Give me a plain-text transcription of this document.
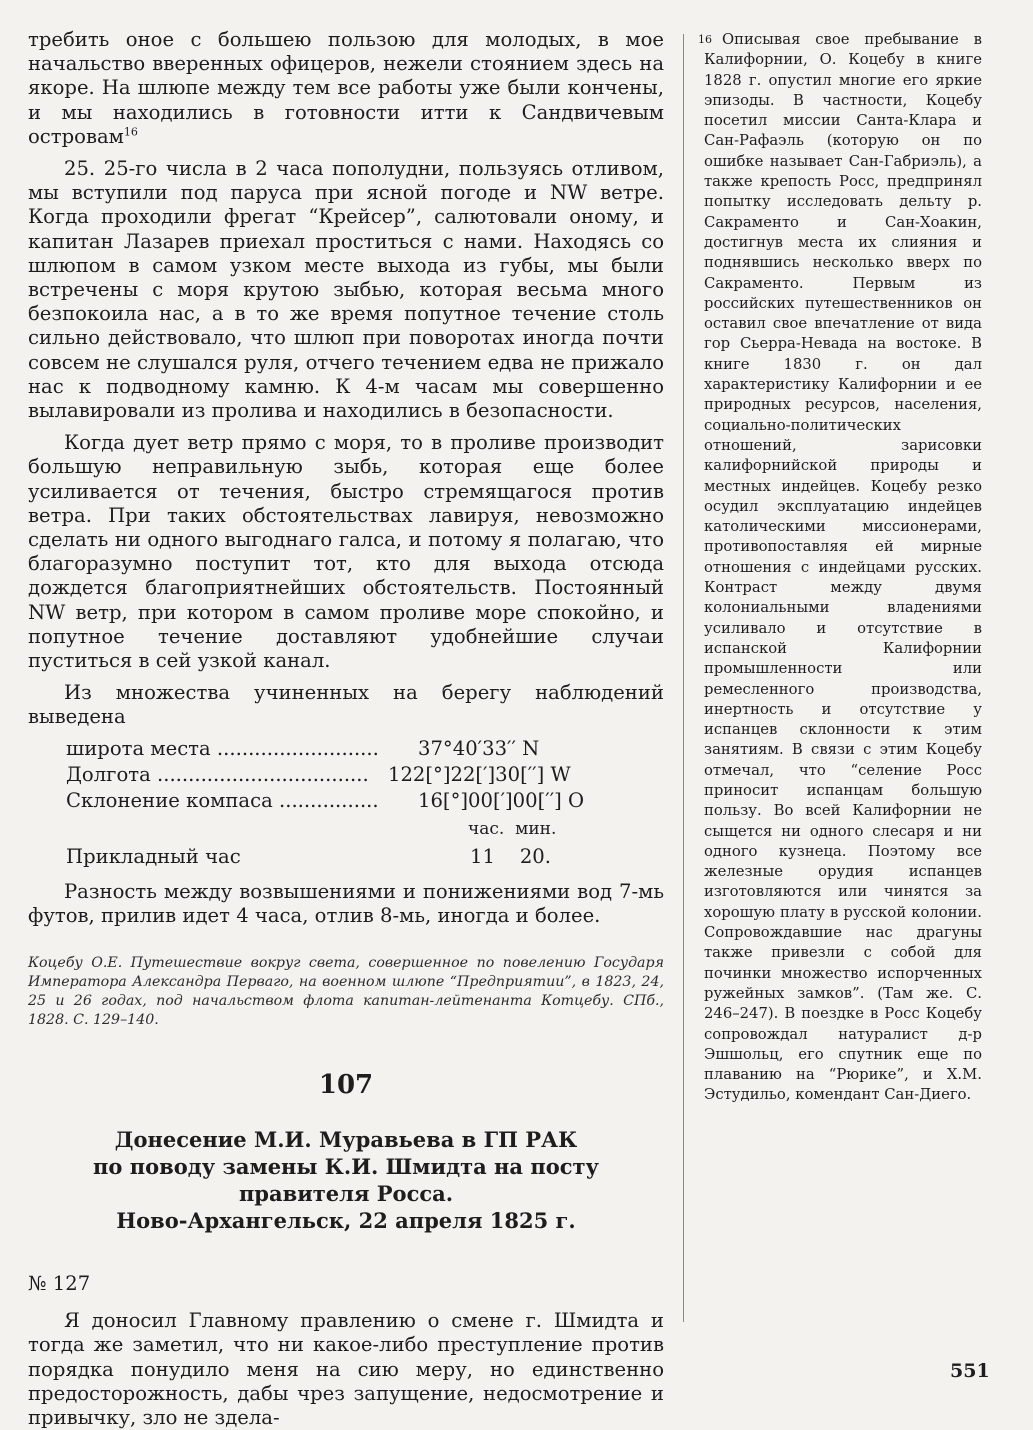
требить оное с большею пользою для молодых, в мое начальство вверенных офицеров, нежели стоянием здесь на якоре. На шлюпе между тем все работы уже были кончены, и мы находились в готовности итти к Сандвичевым островам$^{16}$

25. 25-го числа в 2 часа пополудни, пользуясь отливом, мы вступили под паруса при ясной погоде и NW ветре. Когда проходили фрегат “Крейсер”, салютовали оному, и капитан Лазарев приехал проститься с нами. Находясь со шлюпом в самом узком месте выхода из губы, мы были встречены с моря крутою зыбью, которая весьма много безпокоила нас, а в то же время попутное течение столь сильно действовало, что шлюп при поворотах иногда почти совсем не слушался руля, отчего течением едва не прижало нас к подводному камню. К 4-м часам мы совершенно вылавировали из пролива и находились в безопасности.

Когда дует ветр прямо с моря, то в проливе производит большую неправильную зыбь, которая еще более усиливается от течения, быстро стремящагося против ветра. При таких обстоятельствах лавируя, невозможно сделать ни одного выгоднаго галса, и потому я полагаю, что благоразумно поступит тот, кто для выхода отсюда дождется благоприятнейших обстоятельств. Постоянный NW ветр, при котором в самом проливе море спокойно, и попутное течение доставляют удобнейшие случаи пуститься в сей узкой канал.

Из множества учиненных на берегу наблюдений выведена

широта места .......................... 37°40′33′′ N
Долгота .................................. 122[°]22[′]30[′′] W
Склонение компаса ................ 16[°]00[′]00[′′] O
час.  мин.
Прикладный час	11    20.

Разность между возвышениями и понижениями вод 7-мь футов, прилив идет 4 часа, отлив 8-мь, иногда и более.

Коцебу О.Е. Путешествие вокруг света, совершенное по повелению Государя Императора Александра Перваго, на военном шлюпе “Предприятии”, в 1823, 24, 25 и 26 годах, под начальством флота капитан-лейтенанта Котцебу. СПб., 1828. С. 129–140.

107
Донесение М.И. Муравьева в ГП РАК
по поводу замены К.И. Шмидта на посту правителя Росса.
Ново-Архангельск, 22 апреля 1825 г.
№ 127

Я доносил Главному правлению о смене г. Шмидта и тогда же заметил, что ни какое-либо преступление против порядка понудило меня на сию меру, но единственно предосторожность, дабы чрез запущение, недосмотрение и привычку, зло не здела-

16 Описывая свое пребывание в Калифорнии, О. Коцебу в книге 1828 г. опустил многие его яркие эпизоды. В частности, Коцебу посетил миссии Санта-Клара и Сан-Рафаэль (которую он по ошибке называет Сан-Габриэль), а также крепость Росс, предпринял попытку исследовать дельту р. Сакраменто и Сан-Хоакин, достигнув места их слияния и поднявшись несколько вверх по Сакраменто. Первым из российских путешественников он оставил свое впечатление от вида гор Сьерра-Невада на востоке. В книге 1830 г. он дал характеристику Калифорнии и ее природных ресурсов, населения, социально-политических отношений, зарисовки калифорнийской природы и местных индейцев. Коцебу резко осудил эксплуатацию индейцев католическими миссионерами, противопоставляя ей мирные отношения с индейцами русских. Контраст между двумя колониальными владениями усиливало и отсутствие в испанской Калифорнии промышленности или ремесленного производства, инертность и отсутствие у испанцев склонности к этим занятиям. В связи с этим Коцебу отмечал, что “селение Росс приносит испанцам большую пользу. Во всей Калифорнии не сыщется ни одного слесаря и ни одного кузнеца. Поэтому все железные орудия испанцев изготовляются или чинятся за хорошую плату в русской колонии. Сопровождавшие нас драгуны также привезли с собой для починки множество испорченных ружейных замков”. (Там же. С. 246–247). В поездке в Росс Коцебу сопровождал натуралист д-р Эшшольц, его спутник еще по плаванию на “Рюрике”, и Х.М. Эстудильо, комендант Сан-Диего.

551
